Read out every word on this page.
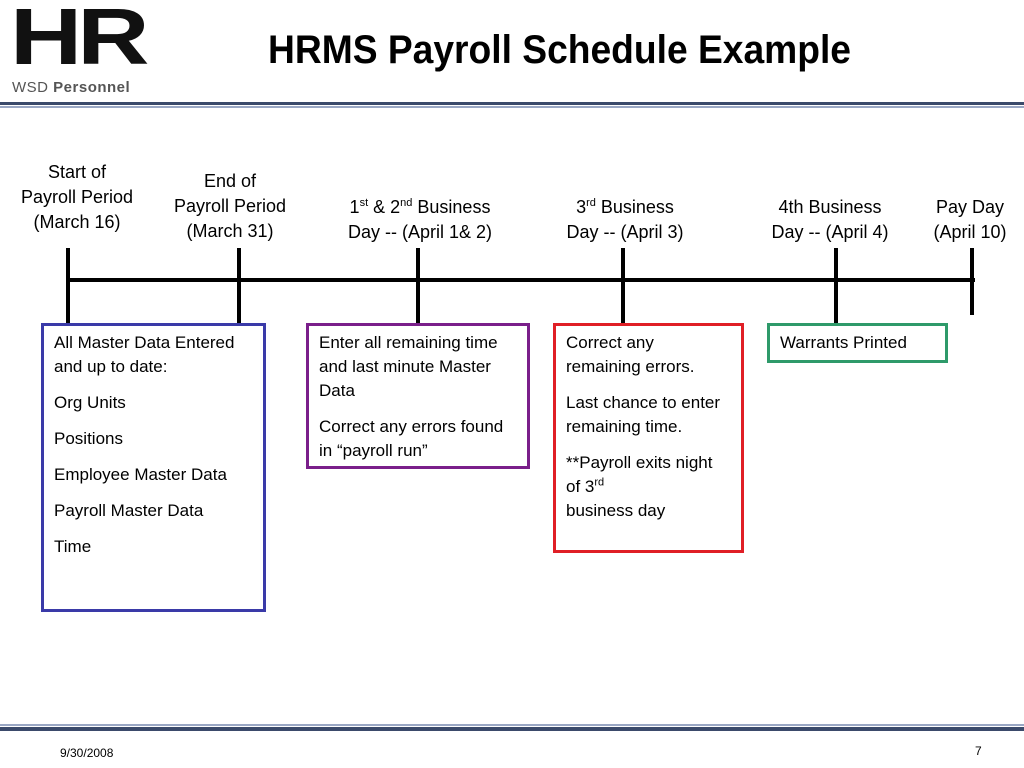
HR
WSD Personnel
HRMS Payroll Schedule Example
Start of
Payroll Period
(March 16)
End of
Payroll Period
(March 31)
1st & 2nd Business
Day -- (April 1& 2)
3rd Business
Day -- (April 3)
4th Business
Day -- (April 4)
Pay Day
(April 10)

All Master Data Entered and up to date:

Org Units

Positions

Employee Master Data

Payroll Master Data

Time

Enter all remaining time and last minute Master Data

Correct any errors found in “payroll run”

Correct any remaining errors.

Last chance to enter remaining time.

**Payroll exits night of 3rd
business day

Warrants Printed

9/30/2008	7
